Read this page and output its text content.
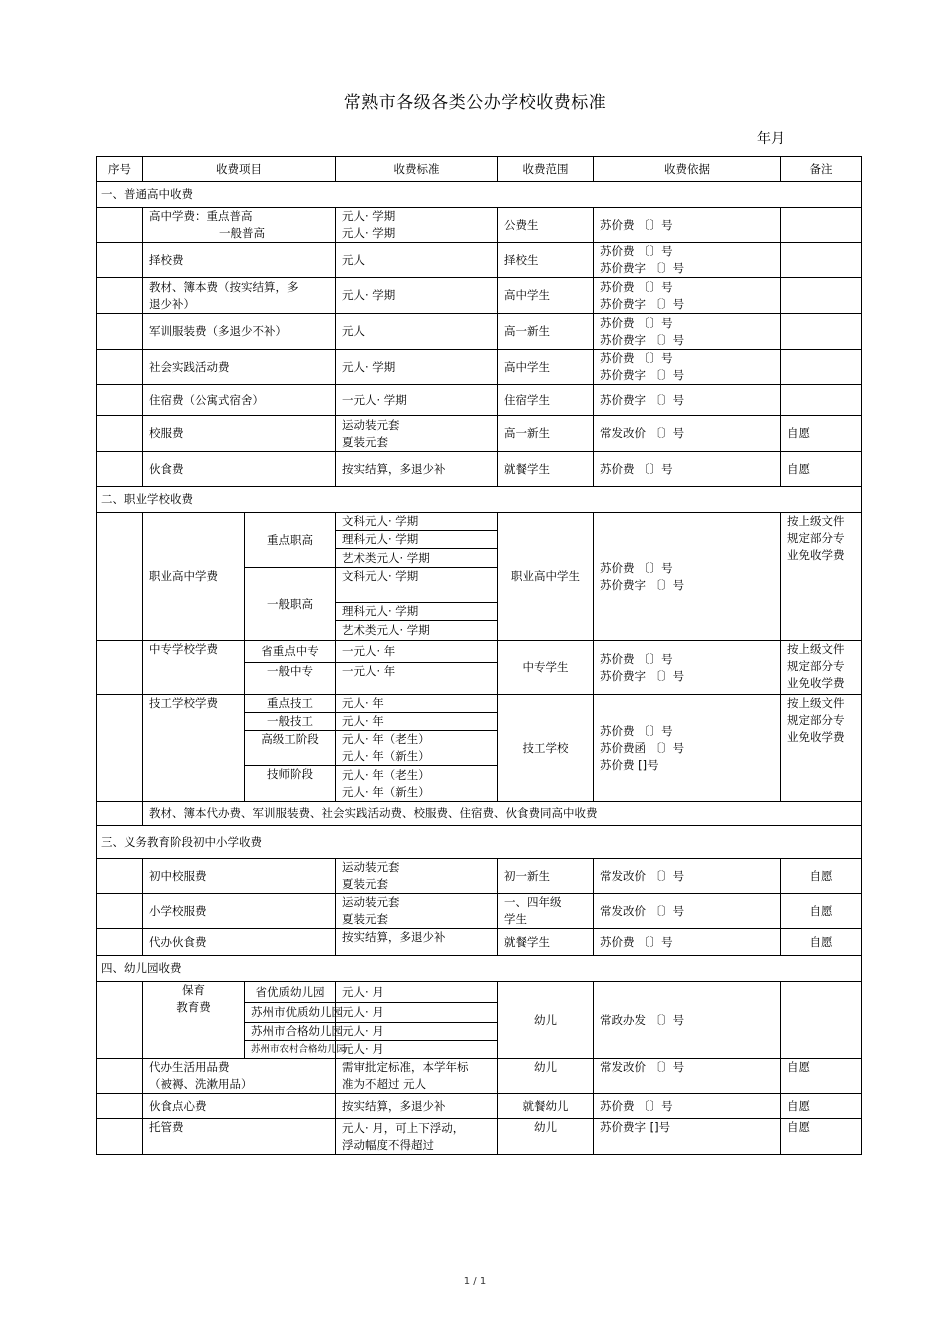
常熟市各级各类公办学校收费标准
年月
序号	收费项目		收费标准	收费范围	收费依据	备注
一、普通高中收费						

	高中学费：重点普高
一般普高		元人· 学期
元人· 学期	公费生	苏价费 〔〕号	
	择校费		元人	择校生	苏价费 〔〕号
苏价费字 〔〕号	

	教材、簿本费（按实结算，多
退少补）		元人· 学期	高中学生	苏价费 〔〕号
苏价费字 〔〕号	

	军训服装费（多退少不补）		元人	高一新生	苏价费 〔〕号
苏价费字 〔〕号	

	社会实践活动费		元人· 学期	高中学生	苏价费 〔〕号
苏价费字 〔〕号	

	住宿费（公寓式宿舍）		一元人· 学期	住宿学生	苏价费字 〔〕号	
	校服费		运动装元套
夏装元套	高一新生	常发改价 〔〕号	自愿
	伙食费		按实结算，多退少补	就餐学生	苏价费 〔〕号	自愿
二、职业学校收费						
	职业高中学费	重点职高	文科元人· 学期	职业高中学生	苏价费 〔〕号
苏价费字 〔〕号	按上级文件
规定部分专
业免收学费

			理科元人· 学期			
			艺术类元人· 学期			
		一般职高	文科元人· 学期			
			理科元人· 学期			
			艺术类元人· 学期			
	中专学校学费	省重点中专	一元人· 年	中专学生	苏价费 〔〕号
苏价费字 〔〕号	按上级文件
规定部分专
业免收学费

		一般中专	一元人· 年			
	技工学校学费	重点技工	元人· 年	技工学校	苏价费 〔〕号
苏价费函 〔〕号
苏价费 []号	按上级文件
规定部分专
业免收学费

		一般技工	元人· 年			
		高级工阶段	元人· 年（老生）
元人· 年（新生）			

		技师阶段	元人· 年（老生）
元人· 年（新生）			

	教材、簿本代办费、军训服装费、社会实践活动费、校服费、住宿费、伙食费同高中收费					
三、义务教育阶段初中小学收费						
	初中校服费		运动装元套
夏装元套	初一新生	常发改价 〔〕号	自愿
	小学校服费		运动装元套
夏装元套	一、四年级
学生	常发改价 〔〕号	自愿
	代办伙食费		按实结算，多退少补	就餐学生	苏价费 〔〕号	自愿
四、幼儿园收费						

	保育
教育费	省优质幼儿园	元人· 月	幼儿	常政办发 〔〕号	
		苏州市优质幼儿园	元人· 月			
		苏州市合格幼儿园	元人· 月			
		苏州市农村合格幼儿园	元人· 月			

	代办生活用品费
（被褥、洗漱用品）		需审批定标准，本学年标
准为不超过 元人	幼儿	常发改价 〔〕号	自愿
	伙食点心费		按实结算，多退少补	就餐幼儿	苏价费 〔〕号	自愿
	托管费		元人· 月，可上下浮动，
浮动幅度不得超过	幼儿	苏价费字 []号	自愿
1 / 1
